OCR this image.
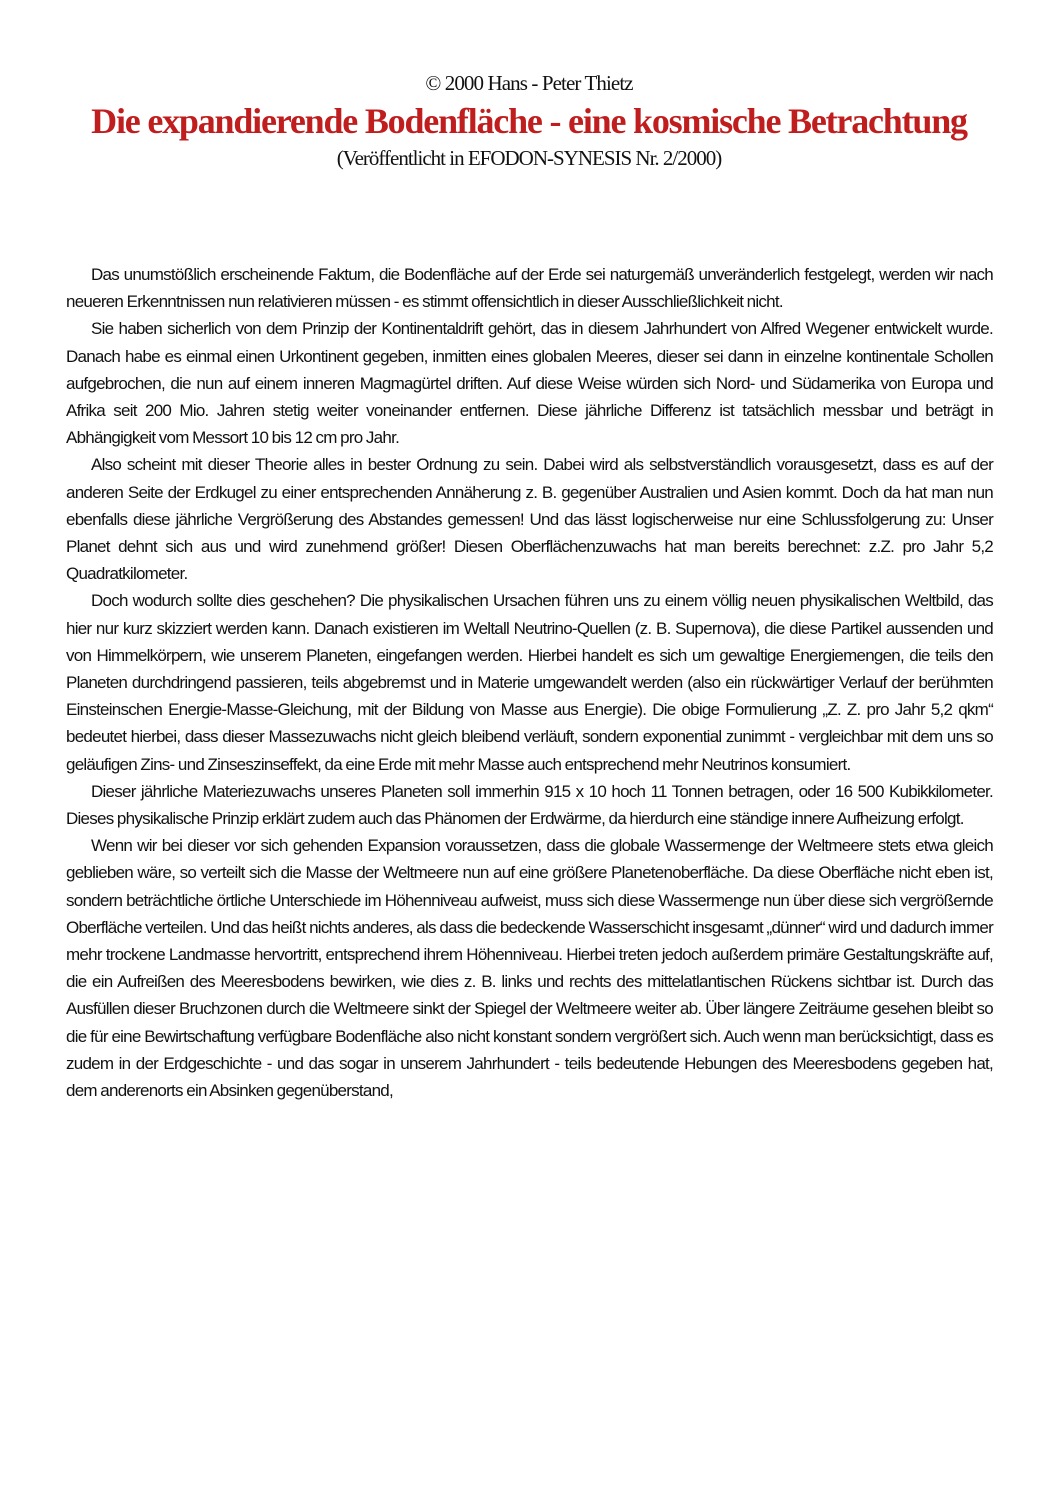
© 2000 Hans - Peter Thietz
Die expandierende Bodenfläche - eine kosmische Betrachtung
(Veröffentlicht in EFODON-SYNESIS Nr. 2/2000)

Das unumstößlich erscheinende Faktum, die Bodenfläche auf der Erde sei naturgemäß unveränderlich festgelegt, werden wir nach neueren Erkenntnissen nun relativieren müssen - es stimmt offensichtlich in dieser Ausschließlichkeit nicht.

Sie haben sicherlich von dem Prinzip der Kontinentaldrift gehört, das in diesem Jahrhundert von Alfred Wegener entwickelt wurde. Danach habe es einmal einen Urkontinent gegeben, inmitten eines globalen Meeres, dieser sei dann in einzelne kontinentale Schollen aufgebrochen, die nun auf einem inneren Magmagürtel driften. Auf diese Weise würden sich Nord- und Südamerika von Europa und Afrika seit 200 Mio. Jahren stetig weiter voneinander entfernen. Diese jährliche Differenz ist tatsächlich messbar und beträgt in Abhängigkeit vom Messort 10 bis 12 cm pro Jahr.

Also scheint mit dieser Theorie alles in bester Ordnung zu sein. Dabei wird als selbstverständlich vorausgesetzt, dass es auf der anderen Seite der Erdkugel zu einer entsprechenden Annäherung z. B. gegenüber Australien und Asien kommt. Doch da hat man nun ebenfalls diese jährliche Vergrößerung des Abstandes gemessen! Und das lässt logischerweise nur eine Schlussfolgerung zu: Unser Planet dehnt sich aus und wird zunehmend größer! Diesen Oberflächenzuwachs hat man bereits berechnet: z.Z. pro Jahr 5,2 Quadratkilometer.

Doch wodurch sollte dies geschehen? Die physikalischen Ursachen führen uns zu einem völlig neuen physikalischen Weltbild, das hier nur kurz skizziert werden kann. Danach existieren im Weltall Neutrino-Quellen (z. B. Supernova), die diese Partikel aussenden und von Himmelkörpern, wie unserem Planeten, eingefangen werden. Hierbei handelt es sich um gewaltige Energiemengen, die teils den Planeten durchdringend passieren, teils abgebremst und in Materie umgewandelt werden (also ein rückwärtiger Verlauf der berühmten Einsteinschen Energie-Masse-Gleichung, mit der Bildung von Masse aus Energie). Die obige Formulierung „Z. Z. pro Jahr 5,2 qkm“ bedeutet hierbei, dass dieser Massezuwachs nicht gleich bleibend verläuft, sondern exponential zunimmt - vergleichbar mit dem uns so geläufigen Zins- und Zinseszinseffekt, da eine Erde mit mehr Masse auch entsprechend mehr Neutrinos konsumiert.

Dieser jährliche Materiezuwachs unseres Planeten soll immerhin 915 x 10 hoch 11 Tonnen betragen, oder 16 500 Kubikkilometer. Dieses physikalische Prinzip erklärt zudem auch das Phänomen der Erdwärme, da hierdurch eine ständige innere Aufheizung erfolgt.

Wenn wir bei dieser vor sich gehenden Expansion voraussetzen, dass die globale Wassermenge der Weltmeere stets etwa gleich geblieben wäre, so verteilt sich die Masse der Weltmeere nun auf eine größere Planetenoberfläche. Da diese Oberfläche nicht eben ist, sondern beträchtliche örtliche Unterschiede im Höhenniveau aufweist, muss sich diese Wassermenge nun über diese sich vergrößernde Oberfläche verteilen. Und das heißt nichts anderes, als dass die bedeckende Wasserschicht insgesamt „dünner“ wird und dadurch immer mehr trockene Landmasse hervortritt, entsprechend ihrem Höhenniveau. Hierbei treten jedoch außerdem primäre Gestaltungskräfte auf, die ein Aufreißen des Meeresbodens bewirken, wie dies z. B. links und rechts des mittelatlantischen Rückens sichtbar ist. Durch das Ausfüllen dieser Bruchzonen durch die Weltmeere sinkt der Spiegel der Weltmeere weiter ab. Über längere Zeiträume gesehen bleibt so die für eine Bewirtschaftung verfügbare Bodenfläche also nicht konstant sondern vergrößert sich. Auch wenn man berücksichtigt, dass es zudem in der Erdgeschichte - und das sogar in unserem Jahrhundert - teils bedeutende Hebungen des Meeresbodens gegeben hat, dem anderenorts ein Absinken gegenüberstand,
